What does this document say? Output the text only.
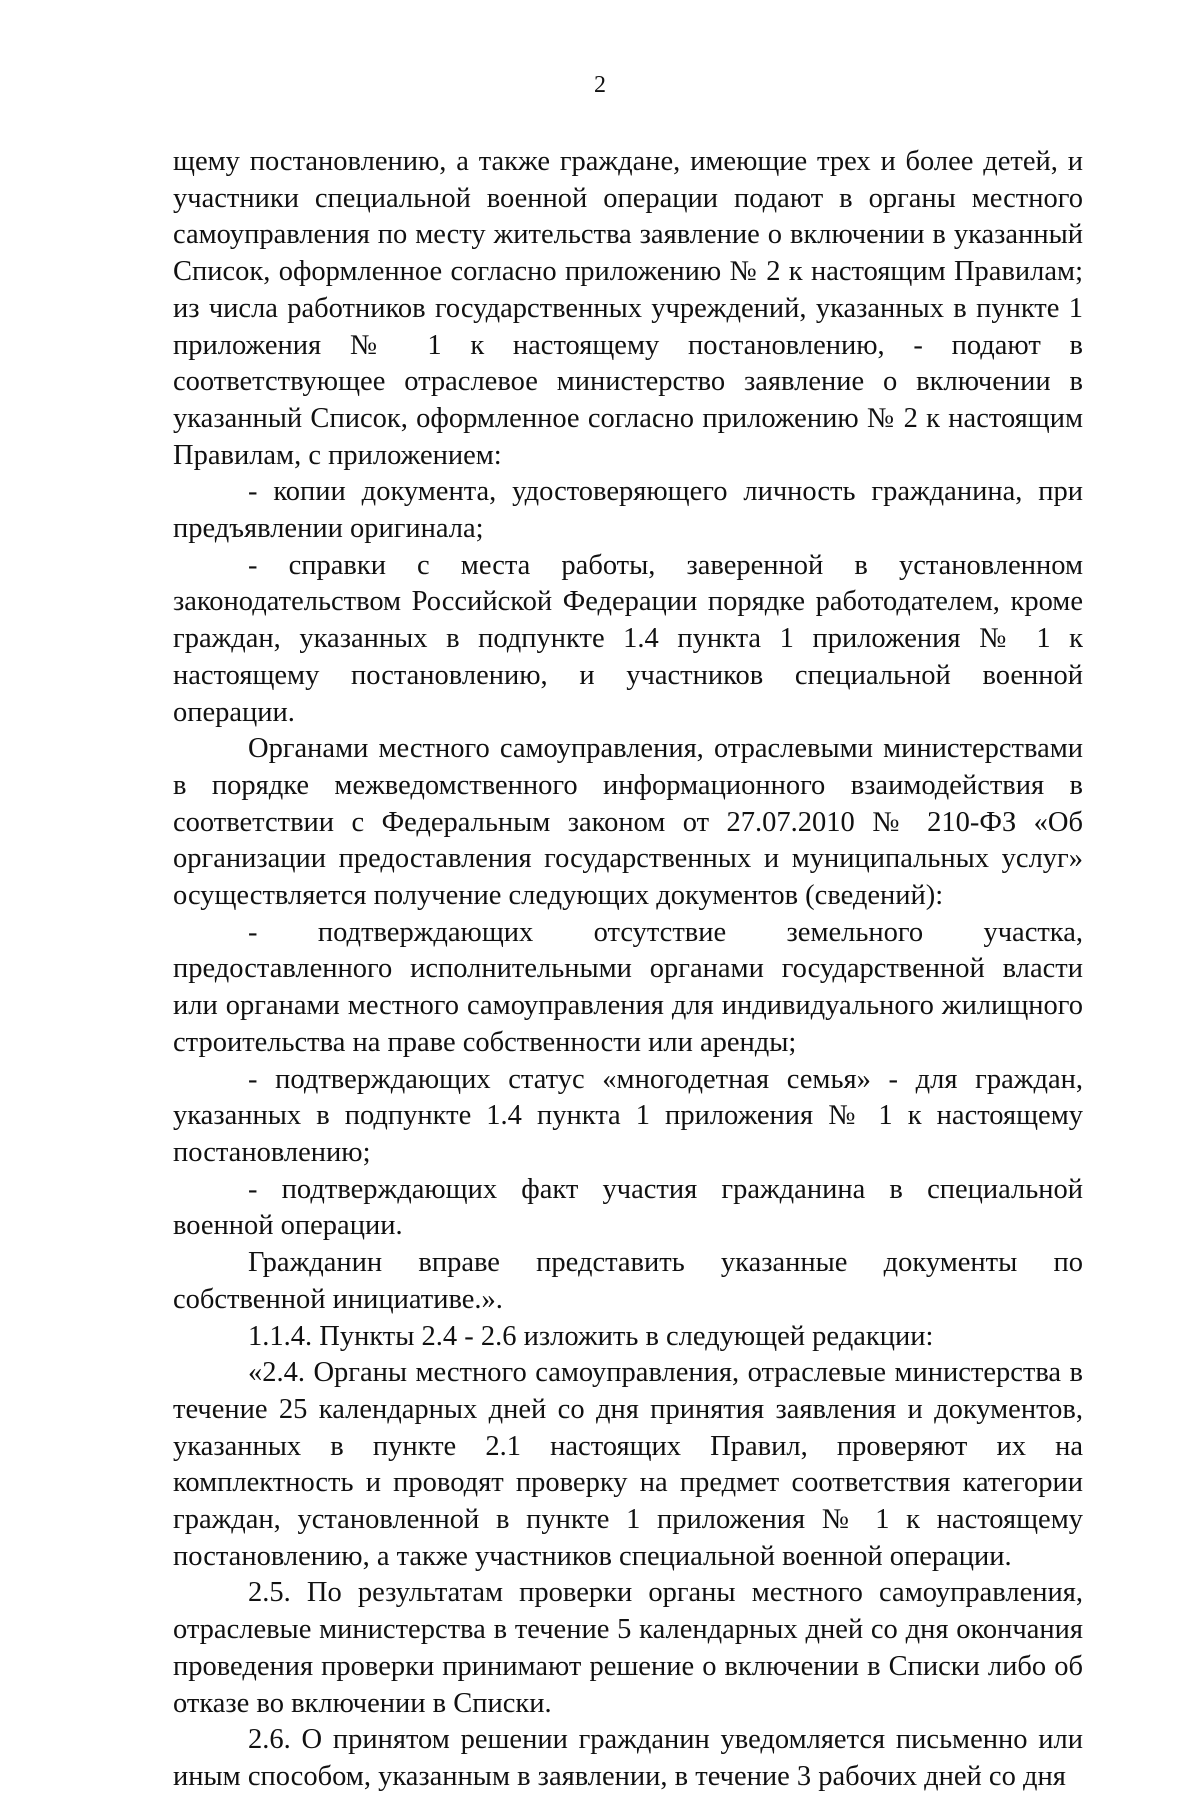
2

щему постановлению, а также граждане, имеющие трех и более детей, и участники специальной военной операции подают в органы местного самоуправления по месту жительства заявление о включении в указанный Список, оформленное согласно приложению № 2 к настоящим Правилам; из числа работников государственных учреждений, указанных в пункте 1 приложения № 1 к настоящему постановлению, - подают в соответствующее отраслевое министерство заявление о включении в указанный Список, оформленное согласно приложению № 2 к настоящим Правилам, с приложением:

- копии документа, удостоверяющего личность гражданина, при предъявлении оригинала;

- справки с места работы, заверенной в установленном законодательством Российской Федерации порядке работодателем, кроме граждан, указанных в подпункте 1.4 пункта 1 приложения № 1 к настоящему постановлению, и участников специальной военной операции.

Органами местного самоуправления, отраслевыми министерствами в порядке межведомственного информационного взаимодействия в соответствии с Федеральным законом от 27.07.2010 № 210-ФЗ «Об организации предоставления государственных и муниципальных услуг» осуществляется получение следующих документов (сведений):

- подтверждающих отсутствие земельного участка, предоставленного исполнительными органами государственной власти или органами местного самоуправления для индивидуального жилищного строительства на праве собственности или аренды;

- подтверждающих статус «многодетная семья» - для граждан, указанных в подпункте 1.4 пункта 1 приложения № 1 к настоящему постановлению;

- подтверждающих факт участия гражданина в специальной военной операции.

Гражданин вправе представить указанные документы по собственной инициативе.».

1.1.4. Пункты 2.4 - 2.6 изложить в следующей редакции:

«2.4. Органы местного самоуправления, отраслевые министерства в течение 25 календарных дней со дня принятия заявления и документов, указанных в пункте 2.1 настоящих Правил, проверяют их на комплектность и проводят проверку на предмет соответствия категории граждан, установленной в пункте 1 приложения № 1 к настоящему постановлению, а также участников специальной военной операции.

2.5. По результатам проверки органы местного самоуправления, отраслевые министерства в течение 5 календарных дней со дня окончания проведения проверки принимают решение о включении в Списки либо об отказе во включении в Списки.

2.6. О принятом решении гражданин уведомляется письменно или иным способом, указанным в заявлении, в течение 3 рабочих дней со дня
